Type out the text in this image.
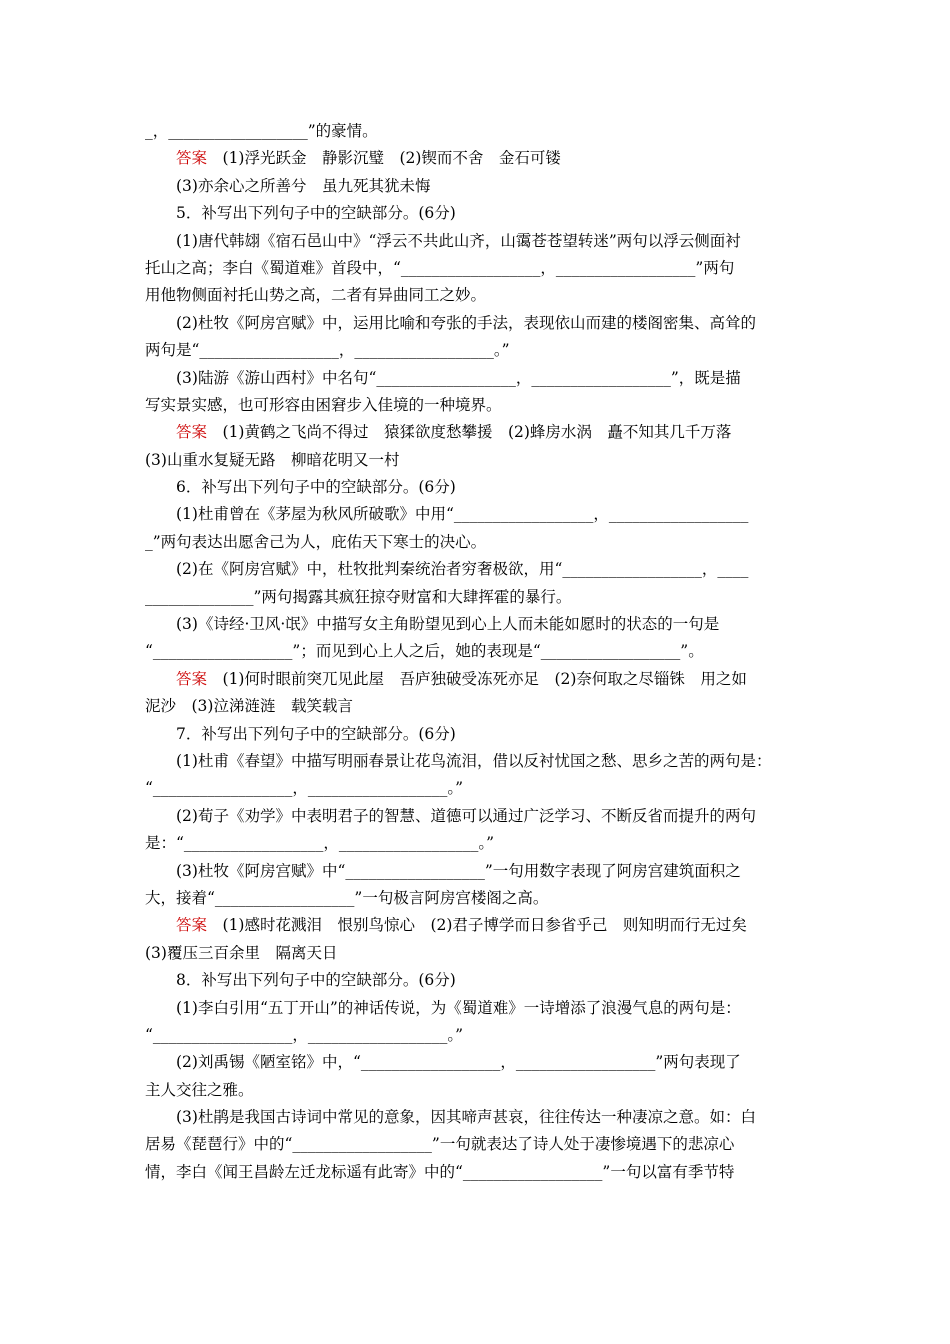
_，__________________”的豪情。
答案　(1)浮光跃金　静影沉璧　(2)锲而不舍　金石可镂
(3)亦余心之所善兮　虽九死其犹未悔
5．补写出下列句子中的空缺部分。(6分)
(1)唐代韩翃《宿石邑山中》“浮云不共此山齐，山霭苍苍望转迷”两句以浮云侧面衬
托山之高；李白《蜀道难》首段中，“__________________，__________________”两句
用他物侧面衬托山势之高，二者有异曲同工之妙。
(2)杜牧《阿房宫赋》中，运用比喻和夸张的手法，表现依山而建的楼阁密集、高耸的
两句是“__________________，__________________。”
(3)陆游《游山西村》中名句“__________________，__________________”，既是描
写实景实感，也可形容由困窘步入佳境的一种境界。
答案　(1)黄鹤之飞尚不得过　猿猱欲度愁攀援　(2)蜂房水涡　矗不知其几千万落
(3)山重水复疑无路　柳暗花明又一村
6．补写出下列句子中的空缺部分。(6分)
(1)杜甫曾在《茅屋为秋风所破歌》中用“__________________，__________________
_”两句表达出愿舍己为人，庇佑天下寒士的决心。
(2)在《阿房宫赋》中，杜牧批判秦统治者穷奢极欲，用“__________________，____
______________”两句揭露其疯狂掠夺财富和大肆挥霍的暴行。
(3)《诗经·卫风·氓》中描写女主角盼望见到心上人而未能如愿时的状态的一句是
“__________________”；而见到心上人之后，她的表现是“__________________”。
答案　(1)何时眼前突兀见此屋　吾庐独破受冻死亦足　(2)奈何取之尽锱铢　用之如
泥沙　(3)泣涕涟涟　载笑载言
7．补写出下列句子中的空缺部分。(6分)
(1)杜甫《春望》中描写明丽春景让花鸟流泪，借以反衬忧国之愁、思乡之苦的两句是：
“__________________，__________________。”
(2)荀子《劝学》中表明君子的智慧、道德可以通过广泛学习、不断反省而提升的两句
是：“__________________，__________________。”
(3)杜牧《阿房宫赋》中“__________________”一句用数字表现了阿房宫建筑面积之
大，接着“__________________”一句极言阿房宫楼阁之高。
答案　(1)感时花溅泪　恨别鸟惊心　(2)君子博学而日参省乎己　则知明而行无过矣
(3)覆压三百余里　隔离天日
8．补写出下列句子中的空缺部分。(6分)
(1)李白引用“五丁开山”的神话传说，为《蜀道难》一诗增添了浪漫气息的两句是：
“__________________，__________________。”
(2)刘禹锡《陋室铭》中，“__________________，__________________”两句表现了
主人交往之雅。
(3)杜鹃是我国古诗词中常见的意象，因其啼声甚哀，往往传达一种凄凉之意。如：白
居易《琵琶行》中的“__________________”一句就表达了诗人处于凄惨境遇下的悲凉心
情，李白《闻王昌龄左迁龙标遥有此寄》中的“__________________”一句以富有季节特
